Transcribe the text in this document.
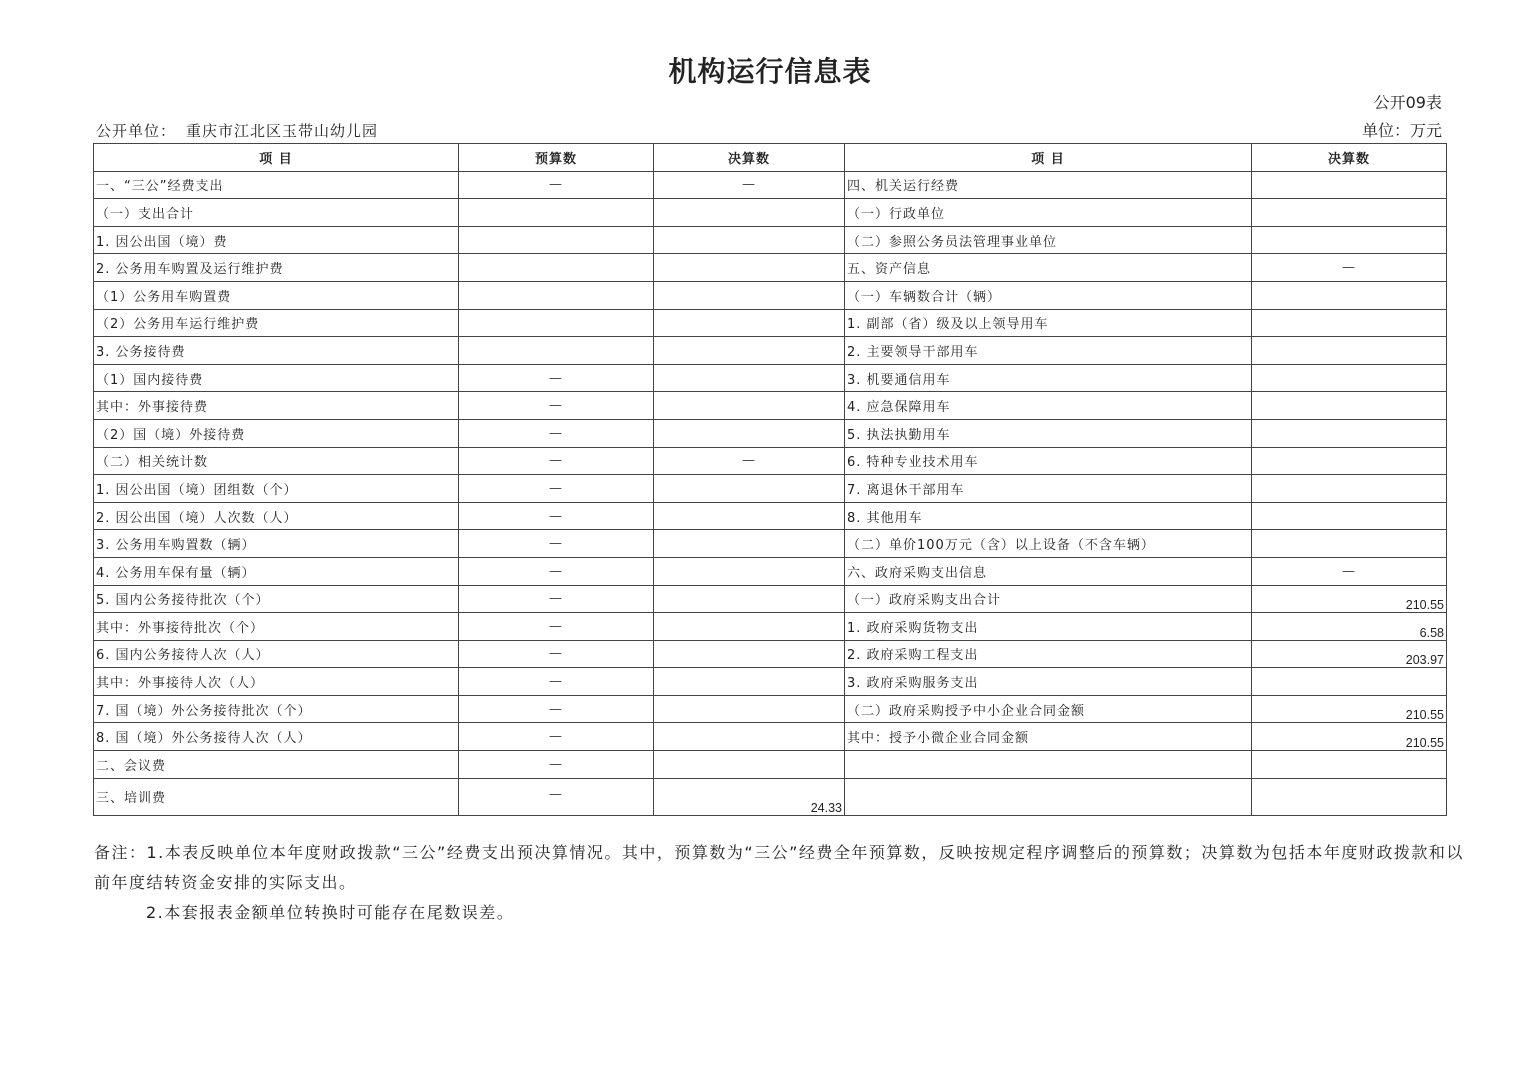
机构运行信息表
公开09表
单位：万元
公开单位： 重庆市江北区玉带山幼儿园
项 目	预算数	决算数	项 目	决算数
一、“三公”经费支出	—	—	四、机关运行经费	
（一）支出合计			（一）行政单位	
1. 因公出国（境）费			（二）参照公务员法管理事业单位	
2. 公务用车购置及运行维护费			五、资产信息	—
（1）公务用车购置费			（一）车辆数合计（辆）	
（2）公务用车运行维护费			1. 副部（省）级及以上领导用车	
3. 公务接待费			2. 主要领导干部用车	
（1）国内接待费	—		3. 机要通信用车	
其中：外事接待费	—		4. 应急保障用车	
（2）国（境）外接待费	—		5. 执法执勤用车	
（二）相关统计数	—	—	6. 特种专业技术用车	
1. 因公出国（境）团组数（个）	—		7. 离退休干部用车	
2. 因公出国（境）人次数（人）	—		8. 其他用车	
3. 公务用车购置数（辆）	—		（二）单价100万元（含）以上设备（不含车辆）	
4. 公务用车保有量（辆）	—		六、政府采购支出信息	—
5. 国内公务接待批次（个）	—		（一）政府采购支出合计	210.55
其中：外事接待批次（个）	—		1. 政府采购货物支出	6.58
6. 国内公务接待人次（人）	—		2. 政府采购工程支出	203.97
其中：外事接待人次（人）	—		3. 政府采购服务支出	
7. 国（境）外公务接待批次（个）	—		（二）政府采购授予中小企业合同金额	210.55
8. 国（境）外公务接待人次（人）	—		其中：授予小微企业合同金额	210.55
二、会议费	—			
三、培训费	—	24.33		
备注：1.本表反映单位本年度财政拨款“三公”经费支出预决算情况。其中，预算数为“三公”经费全年预算数，反映按规定程序调整后的预算数；决算数为包括本年度财政拨款和以前年度结转资金安排的实际支出。
2.本套报表金额单位转换时可能存在尾数误差。
